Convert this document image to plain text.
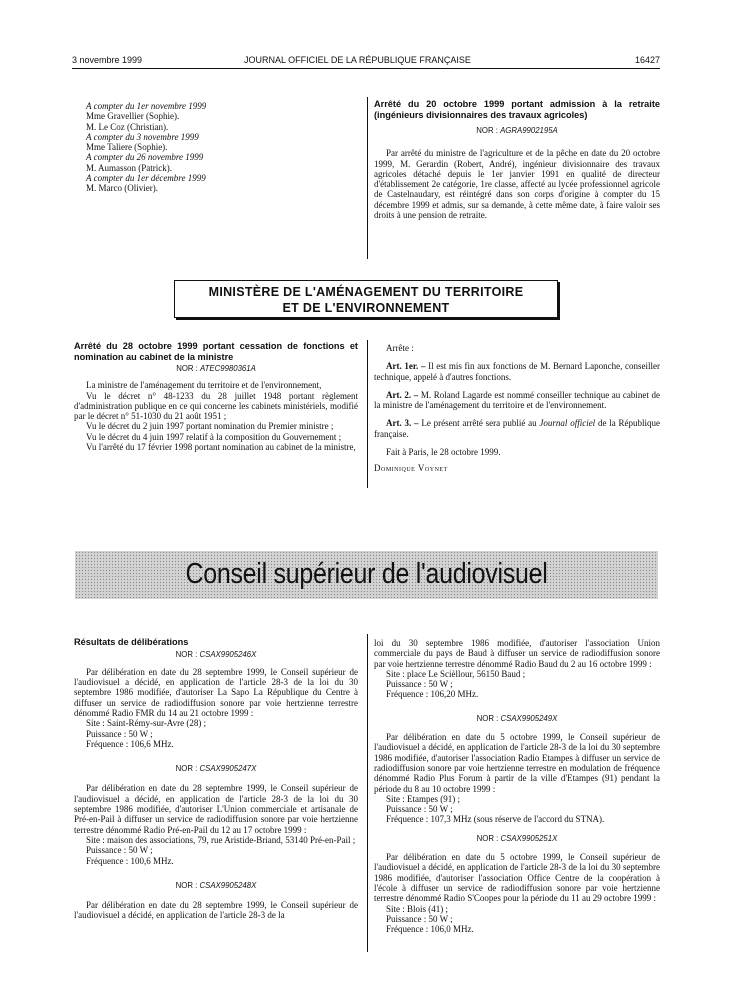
3 novembre 1999	JOURNAL OFFICIEL DE LA RÉPUBLIQUE FRANÇAISE	16427

A compter du 1er novembre 1999

Mme Gravellier (Sophie).

M. Le Coz (Christian).

A compter du 3 novembre 1999

Mme Taliere (Sophie).

A compter du 26 novembre 1999

M. Aumasson (Patrick).

A compter du 1er décembre 1999

M. Marco (Olivier).

Arrêté du 20 octobre 1999 portant admission à la retraite (ingénieurs divisionnaires des travaux agricoles)

NOR : AGRA9902195A

Par arrêté du ministre de l'agriculture et de la pêche en date du 20 octobre 1999, M. Gerardin (Robert, André), ingénieur divisionnaire des travaux agricoles détaché depuis le 1er janvier 1991 en qualité de directeur d'établissement 2e catégorie, 1re classe, affecté au lycée professionnel agricole de Castelnaudary, est réintégré dans son corps d'origine à compter du 15 décembre 1999 et admis, sur sa demande, à cette même date, à faire valoir ses droits à une pension de retraite.

MINISTÈRE DE L'AMÉNAGEMENT DU TERRITOIRE
ET DE L'ENVIRONNEMENT

Arrêté du 28 octobre 1999 portant cessation de fonctions et nomination au cabinet de la ministre

NOR : ATEC9980361A

La ministre de l'aménagement du territoire et de l'environnement,

Vu le décret n° 48-1233 du 28 juillet 1948 portant règlement d'administration publique en ce qui concerne les cabinets ministériels, modifié par le décret n° 51-1030 du 21 août 1951 ;

Vu le décret du 2 juin 1997 portant nomination du Premier ministre ;

Vu le décret du 4 juin 1997 relatif à la composition du Gouvernement ;

Vu l'arrêté du 17 février 1998 portant nomination au cabinet de la ministre,

Arrête :

Art. 1er. – Il est mis fin aux fonctions de M. Bernard Laponche, conseiller technique, appelé à d'autres fonctions.

Art. 2. – M. Roland Lagarde est nommé conseiller technique au cabinet de la ministre de l'aménagement du territoire et de l'environnement.

Art. 3. – Le présent arrêté sera publié au Journal officiel de la République française.

Fait à Paris, le 28 octobre 1999.

Dominique Voynet

Conseil supérieur de l'audiovisuel

Résultats de délibérations

NOR : CSAX9905246X

Par délibération en date du 28 septembre 1999, le Conseil supérieur de l'audiovisuel a décidé, en application de l'article 28-3 de la loi du 30 septembre 1986 modifiée, d'autoriser La Sapo La République du Centre à diffuser un service de radiodiffusion sonore par voie hertzienne terrestre dénommé Radio FMR du 14 au 21 octobre 1999 :

Site : Saint-Rémy-sur-Avre (28) ;

Puissance : 50 W ;

Fréquence : 106,6 MHz.

NOR : CSAX9905247X

Par délibération en date du 28 septembre 1999, le Conseil supérieur de l'audiovisuel a décidé, en application de l'article 28-3 de la loi du 30 septembre 1986 modifiée, d'autoriser L'Union commerciale et artisanale de Pré-en-Pail à diffuser un service de radiodiffusion sonore par voie hertzienne terrestre dénommé Radio Pré-en-Pail du 12 au 17 octobre 1999 :

Site : maison des associations, 79, rue Aristide-Briand, 53140 Pré-en-Pail ;

Puissance : 50 W ;

Fréquence : 100,6 MHz.

NOR : CSAX9905248X

Par délibération en date du 28 septembre 1999, le Conseil supérieur de l'audiovisuel a décidé, en application de l'article 28-3 de la

loi du 30 septembre 1986 modifiée, d'autoriser l'association Union commerciale du pays de Baud à diffuser un service de radiodiffusion sonore par voie hertzienne terrestre dénommé Radio Baud du 2 au 16 octobre 1999 :

Site : place Le Scièllour, 56150 Baud ;

Puissance : 50 W ;

Fréquence : 106,20 MHz.

NOR : CSAX9905249X

Par délibération en date du 5 octobre 1999, le Conseil supérieur de l'audiovisuel a décidé, en application de l'article 28-3 de la loi du 30 septembre 1986 modifiée, d'autoriser l'association Radio Etampes à diffuser un service de radiodiffusion sonore par voie hertzienne terrestre en modulation de fréquence dénommé Radio Plus Forum à partir de la ville d'Etampes (91) pendant la période du 8 au 10 octobre 1999 :

Site : Etampes (91) ;

Puissance : 50 W ;

Fréquence : 107,3 MHz (sous réserve de l'accord du STNA).

NOR : CSAX9905251X

Par délibération en date du 5 octobre 1999, le Conseil supérieur de l'audiovisuel a décidé, en application de l'article 28-3 de la loi du 30 septembre 1986 modifiée, d'autoriser l'association Office Centre de la coopération à l'école à diffuser un service de radiodiffusion sonore par voie hertzienne terrestre dénommé Radio S'Coopes pour la période du 11 au 29 octobre 1999 :

Site : Blois (41) ;

Puissance : 50 W ;

Fréquence : 106,0 MHz.
